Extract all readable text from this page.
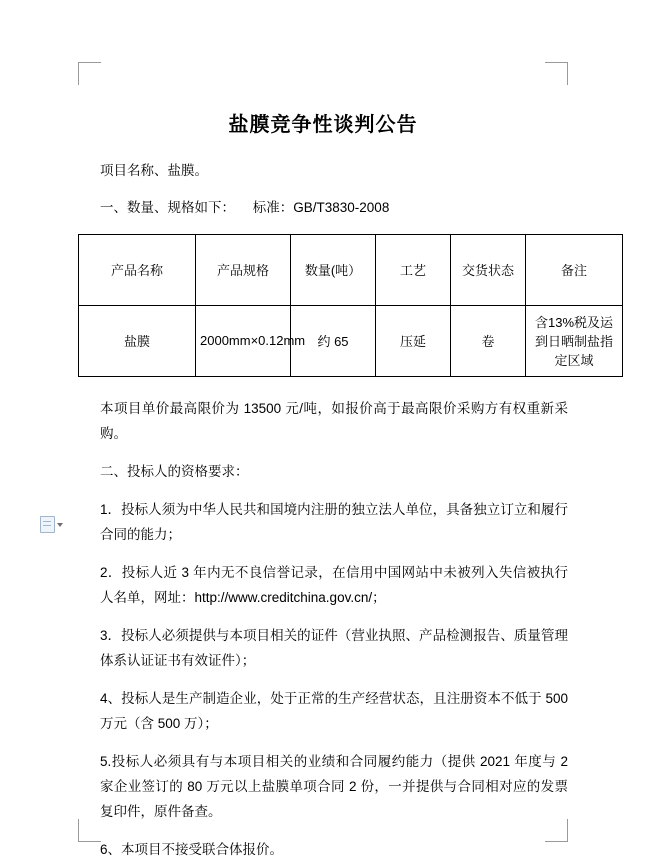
盐膜竞争性谈判公告

项目名称、盐膜。

一、数量、规格如下： 标准：GB/T3830-2008
产品名称	产品规格	数量(吨）	工艺	交货状态	备注
盐膜	2000mm×0.12mm	约 65	压延	卷	含13%税及运到日晒制盐指定区域

本项目单价最高限价为 13500 元/吨，如报价高于最高限价采购方有权重新采购。

二、投标人的资格要求：

1．投标人须为中华人民共和国境内注册的独立法人单位，具备独立订立和履行合同的能力；

2．投标人近 3 年内无不良信誉记录，在信用中国网站中未被列入失信被执行人名单，网址：http://www.creditchina.gov.cn/；

3．投标人必须提供与本项目相关的证件（营业执照、产品检测报告、质量管理体系认证证书有效证件）；

4、投标人是生产制造企业，处于正常的生产经营状态，且注册资本不低于 500 万元（含 500 万）；

5.投标人必须具有与本项目相关的业绩和合同履约能力（提供 2021 年度与 2 家企业签订的 80 万元以上盐膜单项合同 2 份，一并提供与合同相对应的发票复印件，原件备查。

6、本项目不接受联合体报价。
